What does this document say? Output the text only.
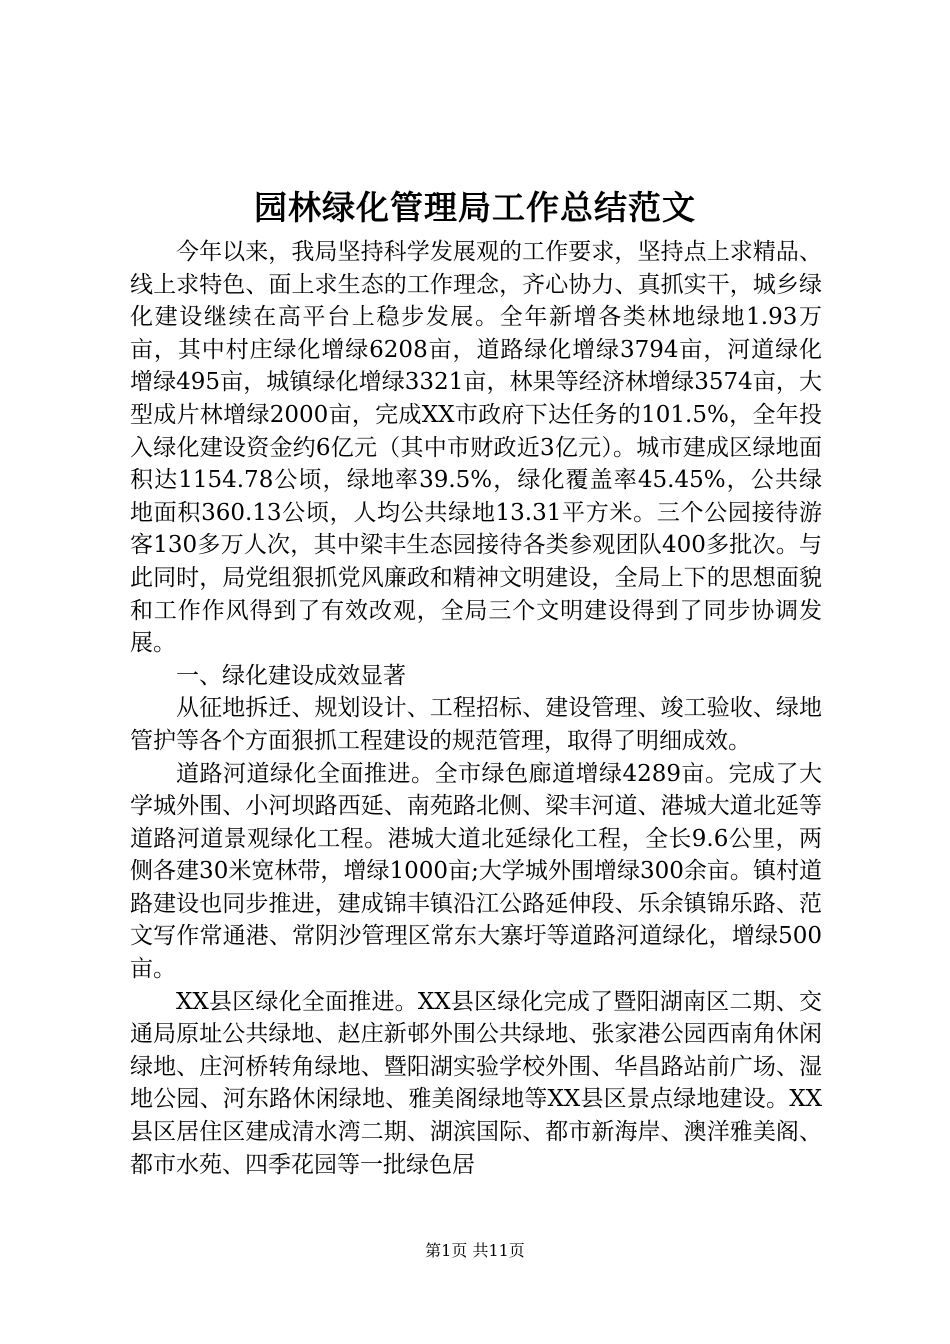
园林绿化管理局工作总结范文

今年以来，我局坚持科学发展观的工作要求，坚持点上求精品、线上求特色、面上求生态的工作理念，齐心协力、真抓实干，城乡绿化建设继续在高平台上稳步发展。全年新增各类林地绿地1.93万亩，其中村庄绿化增绿6208亩，道路绿化增绿3794亩，河道绿化增绿495亩，城镇绿化增绿3321亩，林果等经济林增绿3574亩，大型成片林增绿2000亩，完成XX市政府下达任务的101.5%，全年投入绿化建设资金约6亿元（其中市财政近3亿元）。城市建成区绿地面积达1154.78公顷，绿地率39.5%，绿化覆盖率45.45%，公共绿地面积360.13公顷，人均公共绿地13.31平方米。三个公园接待游客130多万人次，其中梁丰生态园接待各类参观团队400多批次。与此同时，局党组狠抓党风廉政和精神文明建设，全局上下的思想面貌和工作作风得到了有效改观，全局三个文明建设得到了同步协调发展。

一、绿化建设成效显著

从征地拆迁、规划设计、工程招标、建设管理、竣工验收、绿地管护等各个方面狠抓工程建设的规范管理，取得了明细成效。

道路河道绿化全面推进。全市绿色廊道增绿4289亩。完成了大学城外围、小河坝路西延、南苑路北侧、梁丰河道、港城大道北延等道路河道景观绿化工程。港城大道北延绿化工程，全长9.6公里，两侧各建30米宽林带，增绿1000亩;大学城外围增绿300余亩。镇村道路建设也同步推进，建成锦丰镇沿江公路延伸段、乐余镇锦乐路、范文写作常通港、常阴沙管理区常东大寨圩等道路河道绿化，增绿500亩。

XX县区绿化全面推进。XX县区绿化完成了暨阳湖南区二期、交通局原址公共绿地、赵庄新邨外围公共绿地、张家港公园西南角休闲绿地、庄河桥转角绿地、暨阳湖实验学校外围、华昌路站前广场、湿地公园、河东路休闲绿地、雅美阁绿地等XX县区景点绿地建设。XX县区居住区建成清水湾二期、湖滨国际、都市新海岸、澳洋雅美阁、都市水苑、四季花园等一批绿色居

第1页 共11页
